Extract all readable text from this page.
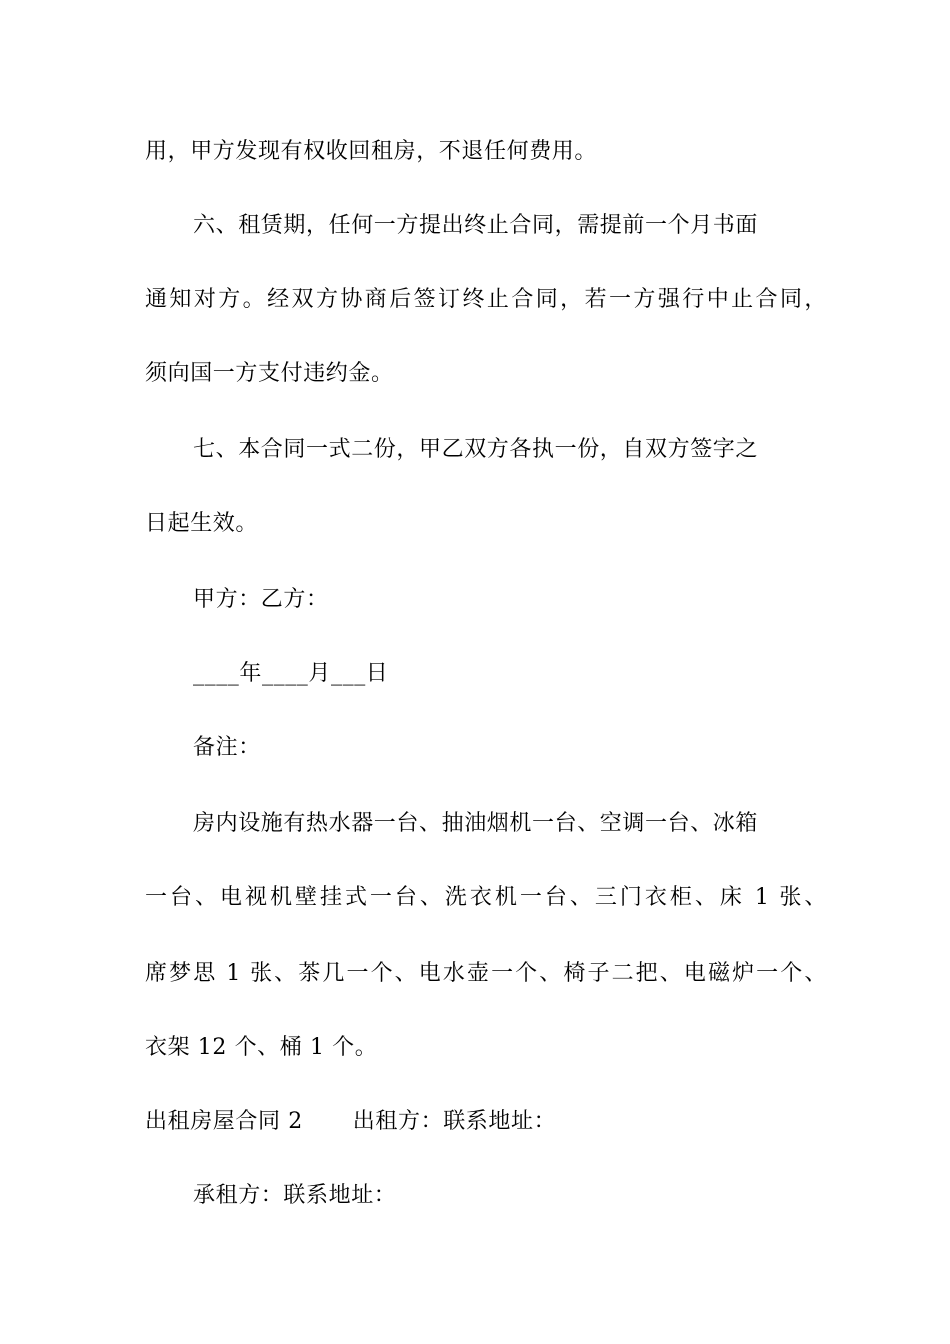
用，甲方发现有权收回租房，不退任何费用。
六、租赁期，任何一方提出终止合同，需提前一个月书面
通知对方。经双方协商后签订终止合同，若一方强行中止合同，
须向国一方支付违约金。
七、本合同一式二份，甲乙双方各执一份，自双方签字之
日起生效。
甲方：乙方：
____年____月___日
备注：
房内设施有热水器一台、抽油烟机一台、空调一台、冰箱
一台、电视机壁挂式一台、洗衣机一台、三门衣柜、床 1 张、
席梦思 1 张、茶几一个、电水壶一个、椅子二把、电磁炉一个、
衣架 12 个、桶 1 个。
出租房屋合同 2 出租方：联系地址：
承租方：联系地址：
